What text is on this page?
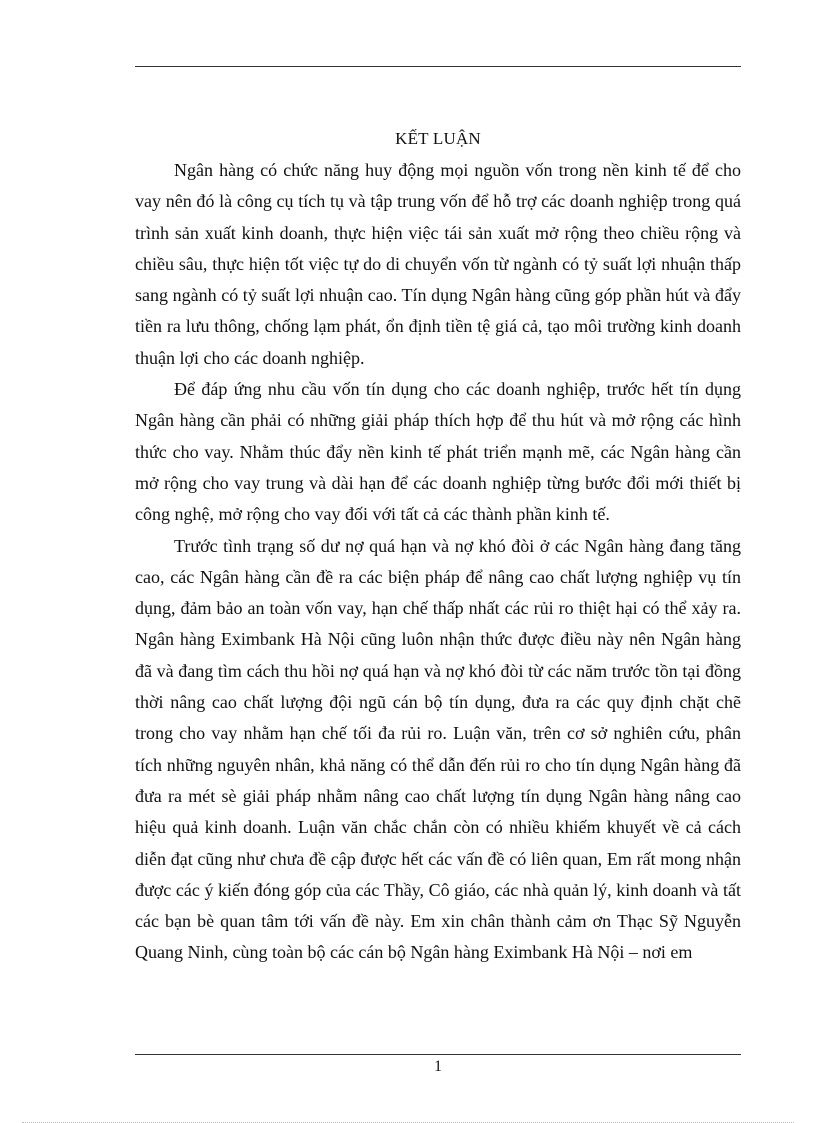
KẾT LUẬN

Ngân hàng có chức năng huy động mọi nguồn vốn trong nền kinh tế để cho vay nên đó là công cụ tích tụ và tập trung vốn để hỗ trợ các doanh nghiệp trong quá trình sản xuất kinh doanh, thực hiện việc tái sản xuất mở rộng theo chiều rộng và chiều sâu, thực hiện tốt việc tự do di chuyển vốn từ ngành có tỷ suất lợi nhuận thấp sang ngành có tỷ suất lợi nhuận cao. Tín dụng Ngân hàng cũng góp phần hút và đẩy tiền ra lưu thông, chống lạm phát, ổn định tiền tệ giá cả, tạo môi trường kinh doanh thuận lợi cho các doanh nghiệp.

Để đáp ứng nhu cầu vốn tín dụng cho các doanh nghiệp, trước hết tín dụng Ngân hàng cần phải có những giải pháp thích hợp để thu hút và mở rộng các hình thức cho vay. Nhằm thúc đẩy nền kinh tế phát triển mạnh mẽ, các Ngân hàng cần mở rộng cho vay trung và dài hạn để các doanh nghiệp từng bước đổi mới thiết bị công nghệ, mở rộng cho vay đối với tất cả các thành phần kinh tế.

Trước tình trạng số dư nợ quá hạn và nợ khó đòi ở các Ngân hàng đang tăng cao, các Ngân hàng cần đề ra các biện pháp để nâng cao chất lượng nghiệp vụ tín dụng, đảm bảo an toàn vốn vay, hạn chế thấp nhất các rủi ro thiệt hại có thể xảy ra. Ngân hàng Eximbank Hà Nội cũng luôn nhận thức được điều này nên Ngân hàng đã và đang tìm cách thu hồi nợ quá hạn và nợ khó đòi từ các năm trước tồn tại đồng thời nâng cao chất lượng đội ngũ cán bộ tín dụng, đưa ra các quy định chặt chẽ trong cho vay nhằm hạn chế tối đa rủi ro. Luận văn, trên cơ sở nghiên cứu, phân tích những nguyên nhân, khả năng có thể dẫn đến rủi ro cho tín dụng Ngân hàng đã đưa ra mét sè giải pháp nhằm nâng cao chất lượng tín dụng Ngân hàng nâng cao hiệu quả kinh doanh. Luận văn chắc chắn còn có nhiều khiếm khuyết về cả cách diễn đạt cũng như chưa đề cập được hết các vấn đề có liên quan, Em rất mong nhận được các ý kiến đóng góp của các Thầy, Cô giáo, các nhà quản lý, kinh doanh và tất các bạn bè quan tâm tới vấn đề này. Em xin chân thành cảm ơn Thạc Sỹ Nguyễn Quang Ninh, cùng toàn bộ các cán bộ Ngân hàng Eximbank Hà Nội – nơi em

1
